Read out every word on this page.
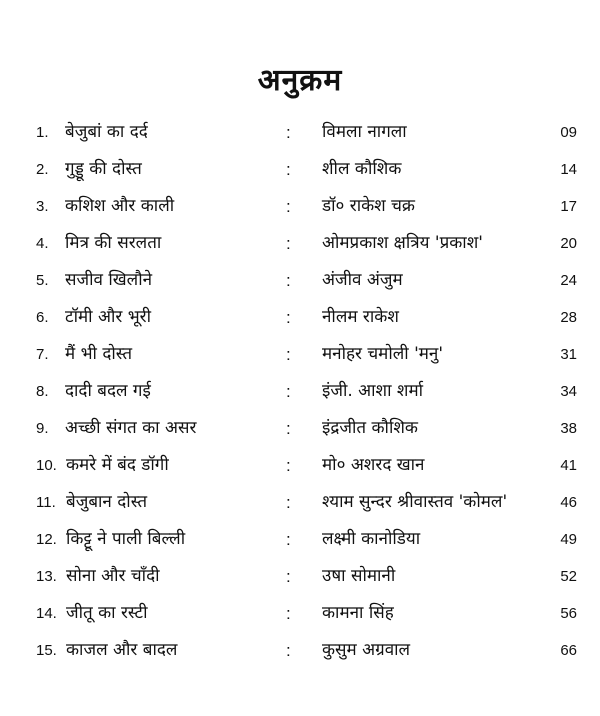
अनुक्रम
1. बेजुबां का दर्द	: विमला नागला	09
2. गुड्डू की दोस्त	: शील कौशिक	14
3. कशिश और काली	: डॉ० राकेश चक्र	17
4. मित्र की सरलता	: ओमप्रकाश क्षत्रिय 'प्रकाश'	20
5. सजीव खिलौने	: अंजीव अंजुम	24
6. टॉमी और भूरी	: नीलम राकेश	28
7. मैं भी दोस्त	: मनोहर चमोली 'मनु'	31
8. दादी बदल गई	: इंजी. आशा शर्मा	34
9. अच्छी संगत का असर	: इंद्रजीत कौशिक	38
10. कमरे में बंद डॉगी	: मो० अशरद खान	41
11. बेजुबान दोस्त	: श्याम सुन्दर श्रीवास्तव 'कोमल'	46
12. किट्टू ने पाली बिल्ली	: लक्ष्मी कानोडिया	49
13. सोना और चाँदी	: उषा सोमानी	52
14. जीतू का रस्टी	: कामना सिंह	56
15. काजल और बादल	: कुसुम अग्रवाल	66
